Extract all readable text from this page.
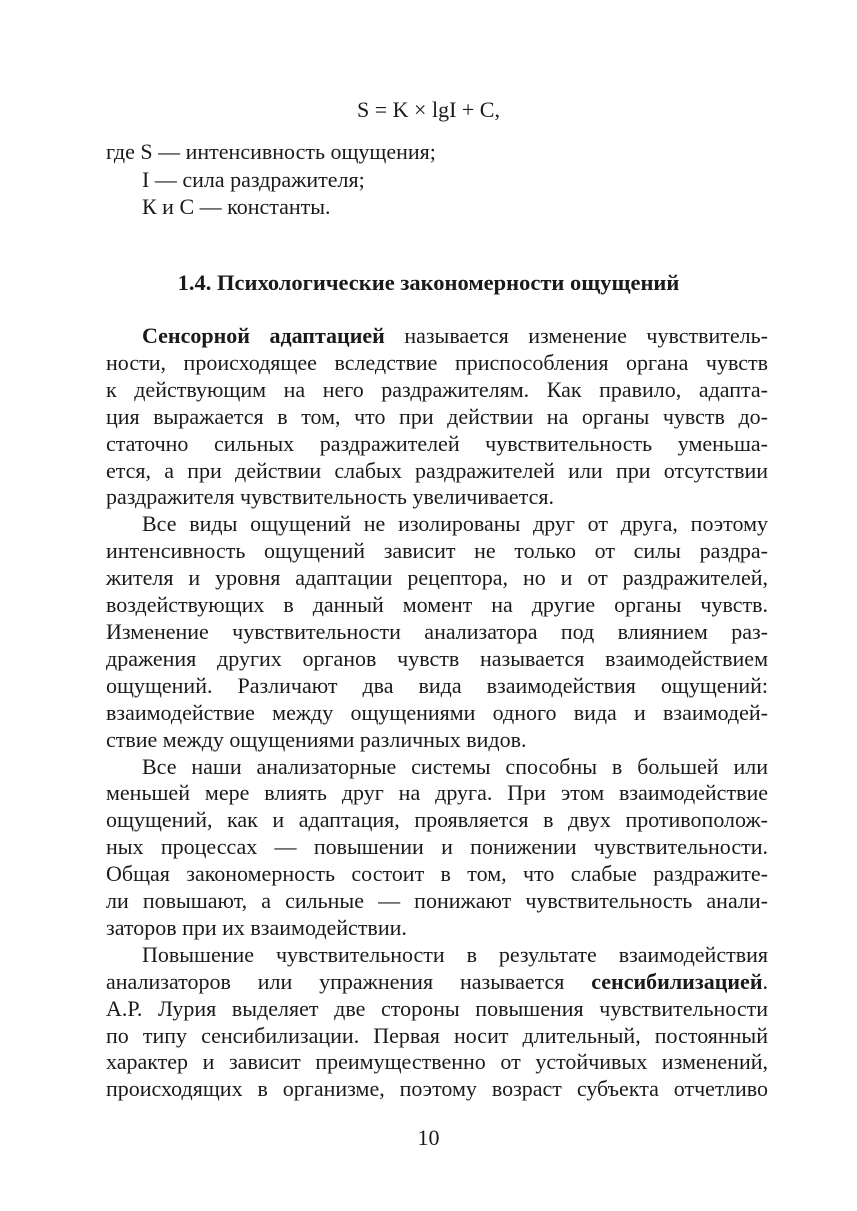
S = K × lgI + C,
где S — интенсивность ощущения;
I — сила раздражителя;
К и С — константы.
1.4. Психологические закономерности ощущений

Сенсорной адаптацией называется изменение чувствитель-
ности, происходящее вследствие приспособления органа чувств
к действующим на него раздражителям. Как правило, адапта-
ция выражается в том, что при действии на органы чувств до-
статочно сильных раздражителей чувствительность уменьша-
ется, а при действии слабых раздражителей или при отсутствии
раздражителя чувствительность увеличивается.

Все виды ощущений не изолированы друг от друга, поэтому
интенсивность ощущений зависит не только от силы раздра-
жителя и уровня адаптации рецептора, но и от раздражителей,
воздействующих в данный момент на другие органы чувств.
Изменение чувствительности анализатора под влиянием раз-
дражения других органов чувств называется взаимодействием
ощущений. Различают два вида взаимодействия ощущений:
взаимодействие между ощущениями одного вида и взаимодей-
ствие между ощущениями различных видов.

Все наши анализаторные системы способны в большей или
меньшей мере влиять друг на друга. При этом взаимодействие
ощущений, как и адаптация, проявляется в двух противополож-
ных процессах — повышении и понижении чувствительности.
Общая закономерность состоит в том, что слабые раздражите-
ли повышают, а сильные — понижают чувствительность анали-
заторов при их взаимодействии.

Повышение чувствительности в результате взаимодействия
анализаторов или упражнения называется сенсибилизацией.
А.Р. Лурия выделяет две стороны повышения чувствительности
по типу сенсибилизации. Первая носит длительный, постоянный
характер и зависит преимущественно от устойчивых изменений,
происходящих в организме, поэтому возраст субъекта отчетливо

10
